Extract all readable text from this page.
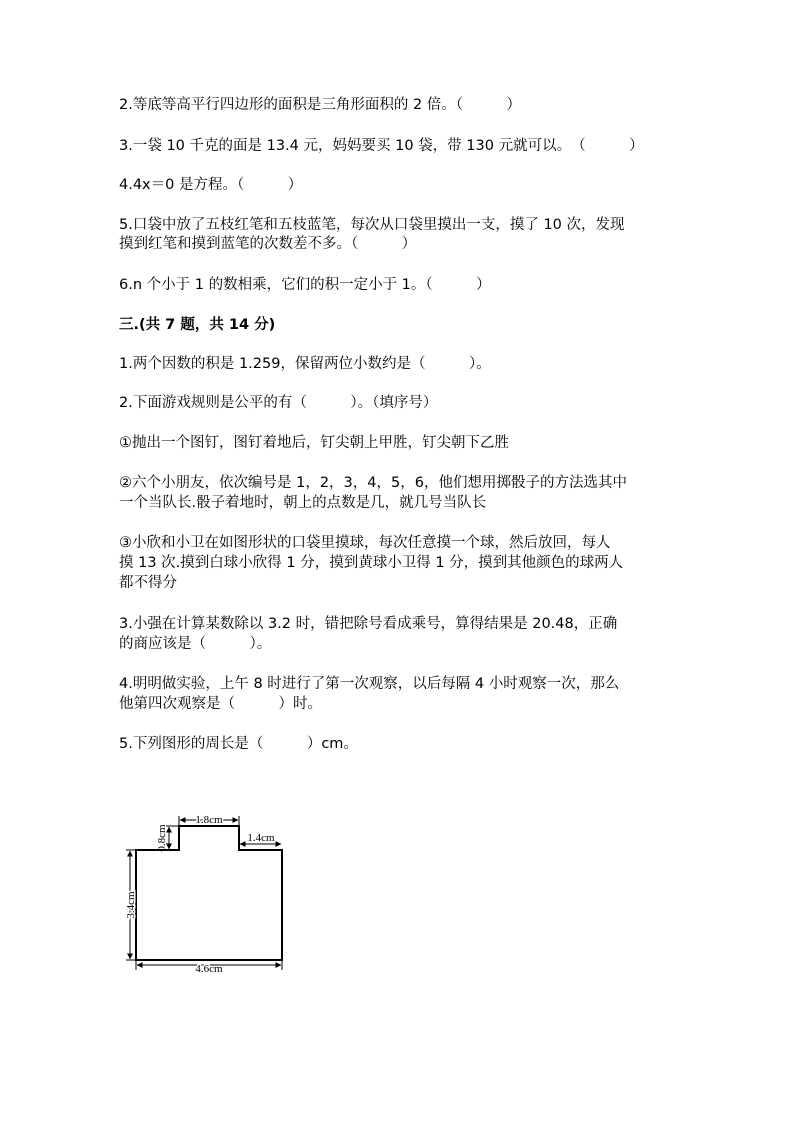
2.等底等高平行四边形的面积是三角形面积的 2 倍。（　　　）
3.一袋 10 千克的面是 13.4 元，妈妈要买 10 袋，带 130 元就可以。　（　　　）
4.4x＝0 是方程。（　　　）
5.口袋中放了五枝红笔和五枝蓝笔，每次从口袋里摸出一支，摸了 10 次，发现
摸到红笔和摸到蓝笔的次数差不多。（　　　）
6.n 个小于 1 的数相乘，它们的积一定小于 1。（　　　）
三.(共 7 题，共 14 分)
1.两个因数的积是 1.259，保留两位小数约是（　　　）。
2.下面游戏规则是公平的有（　　　）。（填序号）
①抛出一个图钉，图钉着地后，钉尖朝上甲胜，钉尖朝下乙胜
②六个小朋友，依次编号是 1，2，3，4，5，6，他们想用掷骰子的方法选其中
一个当队长.骰子着地时，朝上的点数是几，就几号当队长
③小欣和小卫在如图形状的口袋里摸球，每次任意摸一个球，然后放回，每人
摸 13 次.摸到白球小欣得 1 分，摸到黄球小卫得 1 分，摸到其他颜色的球两人
都不得分
3.小强在计算某数除以 3.2 时，错把除号看成乘号，算得结果是 20.48，正确
的商应该是（　　　）。
4.明明做实验，上午 8 时进行了第一次观察，以后每隔 4 小时观察一次，那么
他第四次观察是（　　　）时。
5.下列图形的周长是（　　　）cm。
1.8cm
0.8cm	1.4cm
3.4cm
4.6cm
